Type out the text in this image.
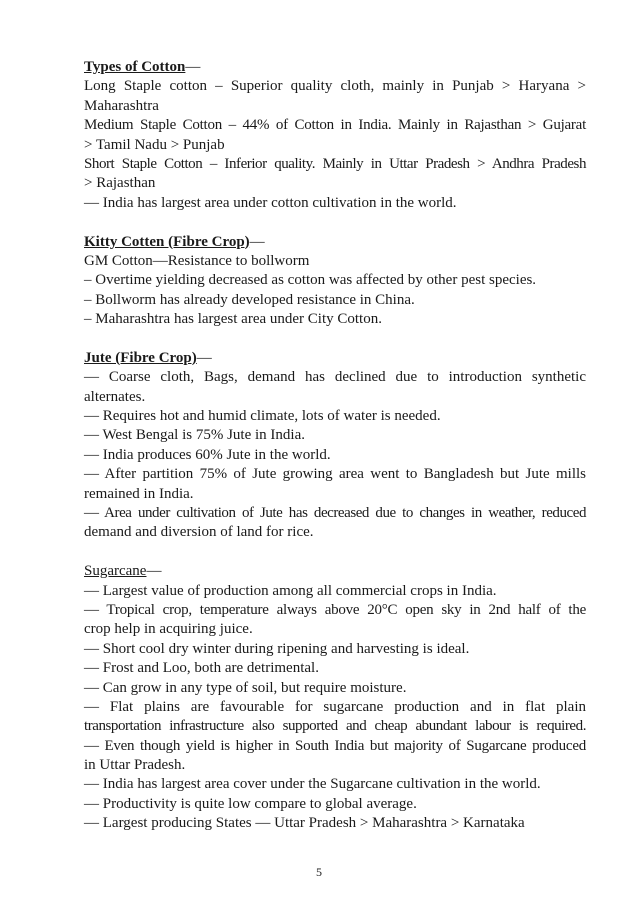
Types of Cotton—
Long Staple cotton – Superior quality cloth, mainly in Punjab > Haryana >
Maharashtra
Medium Staple Cotton – 44% of Cotton in India. Mainly in Rajasthan > Gujarat
> Tamil Nadu > Punjab
Short Staple Cotton – Inferior quality. Mainly in Uttar Pradesh > Andhra Pradesh
> Rajasthan
— India has largest area under cotton cultivation in the world.
Kitty Cotten (Fibre Crop)—
GM Cotton—Resistance to bollworm
– Overtime yielding decreased as cotton was affected by other pest species.
– Bollworm has already developed resistance in China.
– Maharashtra has largest area under City Cotton.
Jute (Fibre Crop)—
— Coarse cloth, Bags, demand has declined due to introduction synthetic
alternates.
— Requires hot and humid climate, lots of water is needed.
— West Bengal is 75% Jute in India.
— India produces 60% Jute in the world.
— After partition 75% of Jute growing area went to Bangladesh but Jute mills
remained in India.
— Area under cultivation of Jute has decreased due to changes in weather, reduced
demand and diversion of land for rice.
Sugarcane—
— Largest value of production among all commercial crops in India.
— Tropical crop, temperature always above 20°C open sky in 2nd half of the
crop help in acquiring juice.
— Short cool dry winter during ripening and harvesting is ideal.
— Frost and Loo, both are detrimental.
— Can grow in any type of soil, but require moisture.
— Flat plains are favourable for sugarcane production and in flat plain
transportation infrastructure also supported and cheap abundant labour is required.
— Even though yield is higher in South India but majority of Sugarcane produced
in Uttar Pradesh.
— India has largest area cover under the Sugarcane cultivation in the world.
— Productivity is quite low compare to global average.
— Largest producing States — Uttar Pradesh > Maharashtra > Karnataka
5
